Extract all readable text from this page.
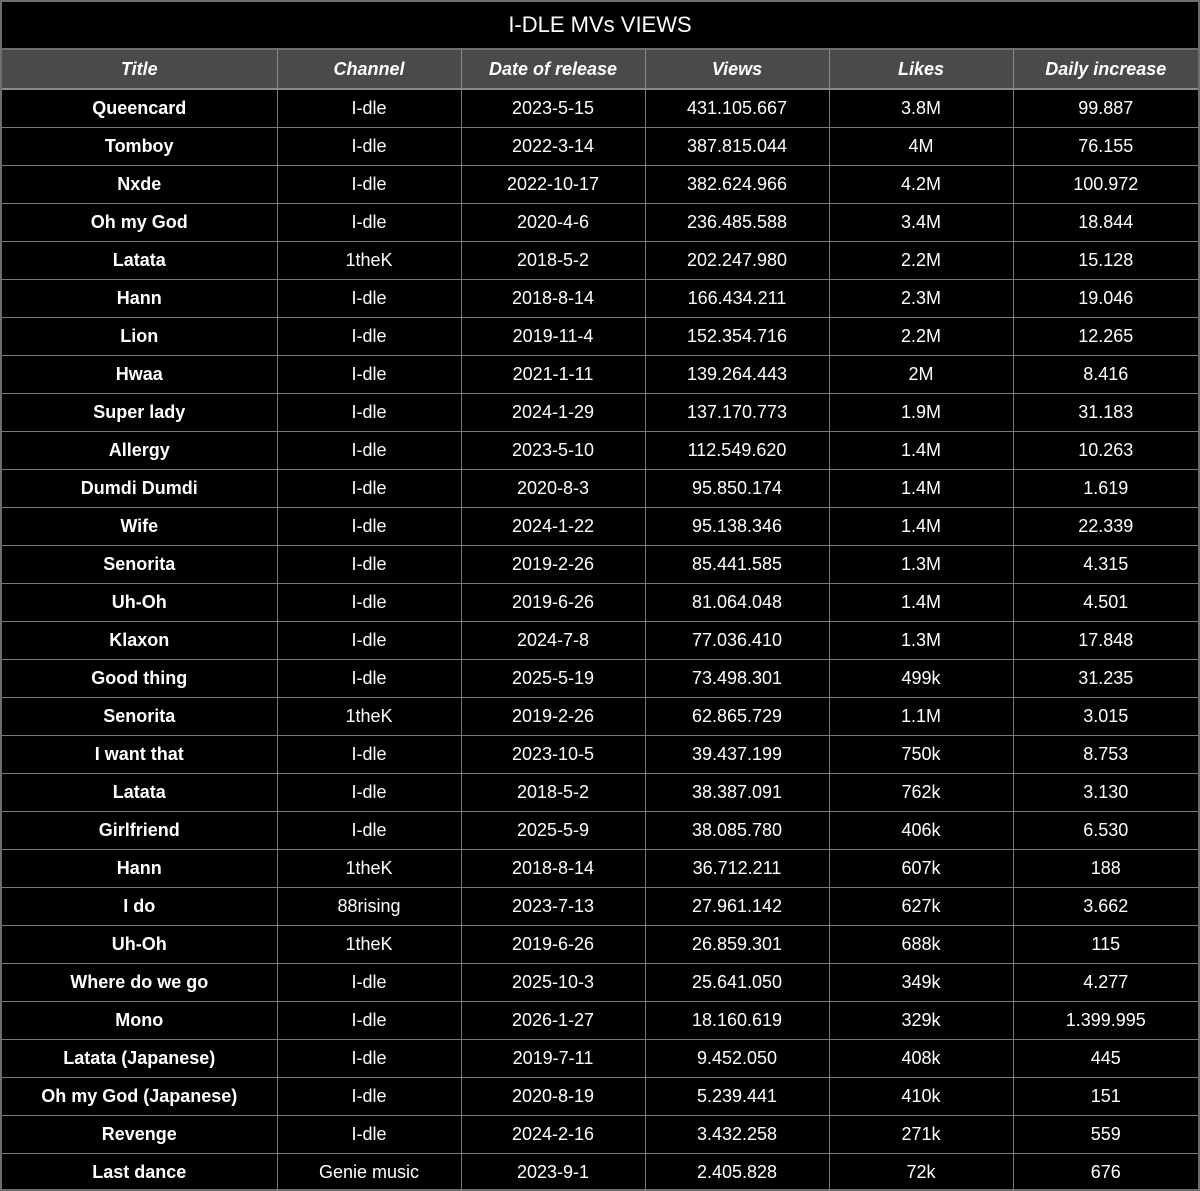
I-DLE MVs VIEWS
Title	Channel	Date of release	Views	Likes	Daily increase
Queencard	I-dle	2023-5-15	431.105.667	3.8M	99.887
Tomboy	I-dle	2022-3-14	387.815.044	4M	76.155
Nxde	I-dle	2022-10-17	382.624.966	4.2M	100.972
Oh my God	I-dle	2020-4-6	236.485.588	3.4M	18.844
Latata	1theK	2018-5-2	202.247.980	2.2M	15.128
Hann	I-dle	2018-8-14	166.434.211	2.3M	19.046
Lion	I-dle	2019-11-4	152.354.716	2.2M	12.265
Hwaa	I-dle	2021-1-11	139.264.443	2M	8.416
Super lady	I-dle	2024-1-29	137.170.773	1.9M	31.183
Allergy	I-dle	2023-5-10	112.549.620	1.4M	10.263
Dumdi Dumdi	I-dle	2020-8-3	95.850.174	1.4M	1.619
Wife	I-dle	2024-1-22	95.138.346	1.4M	22.339
Senorita	I-dle	2019-2-26	85.441.585	1.3M	4.315
Uh-Oh	I-dle	2019-6-26	81.064.048	1.4M	4.501
Klaxon	I-dle	2024-7-8	77.036.410	1.3M	17.848
Good thing	I-dle	2025-5-19	73.498.301	499k	31.235
Senorita	1theK	2019-2-26	62.865.729	1.1M	3.015
I want that	I-dle	2023-10-5	39.437.199	750k	8.753
Latata	I-dle	2018-5-2	38.387.091	762k	3.130
Girlfriend	I-dle	2025-5-9	38.085.780	406k	6.530
Hann	1theK	2018-8-14	36.712.211	607k	188
I do	88rising	2023-7-13	27.961.142	627k	3.662
Uh-Oh	1theK	2019-6-26	26.859.301	688k	115
Where do we go	I-dle	2025-10-3	25.641.050	349k	4.277
Mono	I-dle	2026-1-27	18.160.619	329k	1.399.995
Latata (Japanese)	I-dle	2019-7-11	9.452.050	408k	445
Oh my God (Japanese)	I-dle	2020-8-19	5.239.441	410k	151
Revenge	I-dle	2024-2-16	3.432.258	271k	559
Last dance	Genie music	2023-9-1	2.405.828	72k	676
